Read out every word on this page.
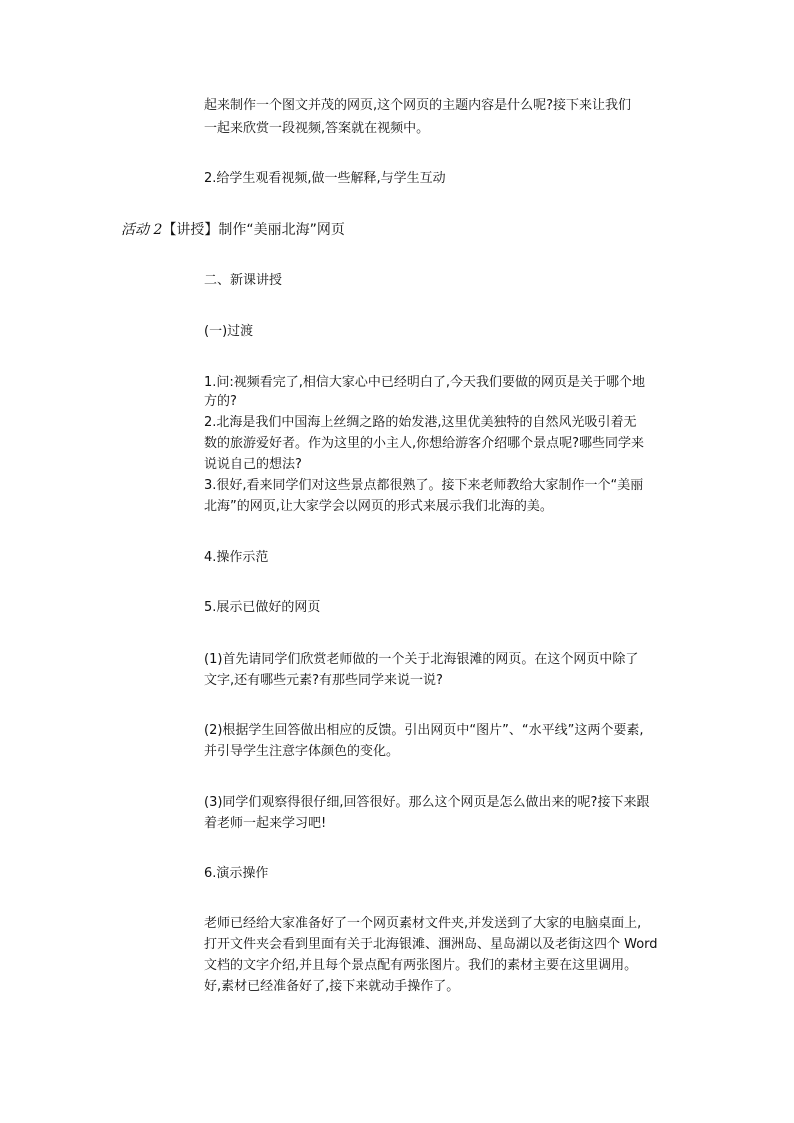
起来制作一个图文并茂的网页,这个网页的主题内容是什么呢?接下来让我们
一起来欣赏一段视频,答案就在视频中。
2.给学生观看视频,做一些解释,与学生互动
活动 2【讲授】制作“美丽北海”网页
二、新课讲授
(一)过渡
1.问:视频看完了,相信大家心中已经明白了,今天我们要做的网页是关于哪个地
方的?
2.北海是我们中国海上丝绸之路的始发港,这里优美独特的自然风光吸引着无
数的旅游爱好者。作为这里的小主人,你想给游客介绍哪个景点呢?哪些同学来
说说自己的想法?
3.很好,看来同学们对这些景点都很熟了。接下来老师教给大家制作一个“美丽
北海”的网页,让大家学会以网页的形式来展示我们北海的美。
4.操作示范
5.展示已做好的网页
(1)首先请同学们欣赏老师做的一个关于北海银滩的网页。在这个网页中除了
文字,还有哪些元素?有那些同学来说一说?
(2)根据学生回答做出相应的反馈。引出网页中“图片”、“水平线”这两个要素,
并引导学生注意字体颜色的变化。
(3)同学们观察得很仔细,回答很好。那么这个网页是怎么做出来的呢?接下来跟
着老师一起来学习吧!
6.演示操作
老师已经给大家准备好了一个网页素材文件夹,并发送到了大家的电脑桌面上,
打开文件夹会看到里面有关于北海银滩、涠洲岛、星岛湖以及老街这四个 Word
文档的文字介绍,并且每个景点配有两张图片。我们的素材主要在这里调用。
好,素材已经准备好了,接下来就动手操作了。
